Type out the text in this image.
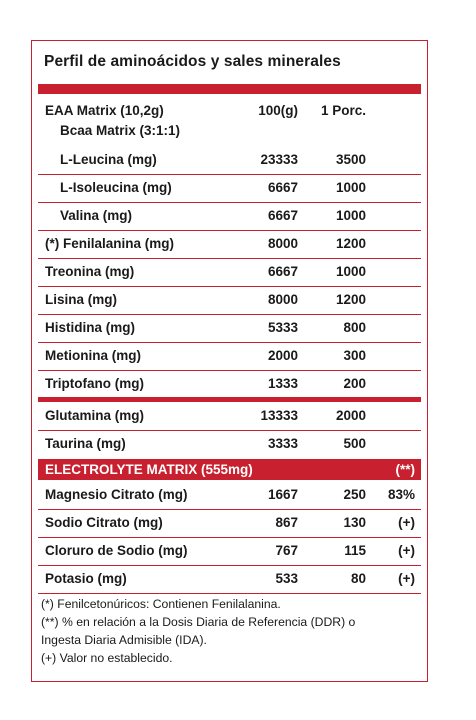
Perfil de aminoácidos y sales minerales
EAA Matrix (10,2g)	100(g) 1 Porc.
Bcaa Matrix (3:1:1)
L-Leucina (mg)	23333	3500
L-Isoleucina (mg)	6667	1000
Valina (mg)	6667	1000
(*) Fenilalanina (mg)	8000	1200
Treonina (mg)	6667	1000
Lisina (mg)	8000	1200
Histidina (mg)	5333	800
Metionina (mg)	2000	300
Triptofano (mg)	1333	200
Glutamina (mg)	13333	2000
Taurina (mg)	3333	500
ELECTROLYTE MATRIX (555mg)	(**)
Magnesio Citrato (mg)	1667	250 83%
Sodio Citrato (mg)	867	130 (+)
Cloruro de Sodio (mg)	767	115 (+)
Potasio (mg)	533	80 (+)
(*) Fenilcetonúricos: Contienen Fenilalanina.
(**) % en relación a la Dosis Diaria de Referencia (DDR) o
Ingesta Diaria Admisible (IDA).
(+) Valor no establecido.
